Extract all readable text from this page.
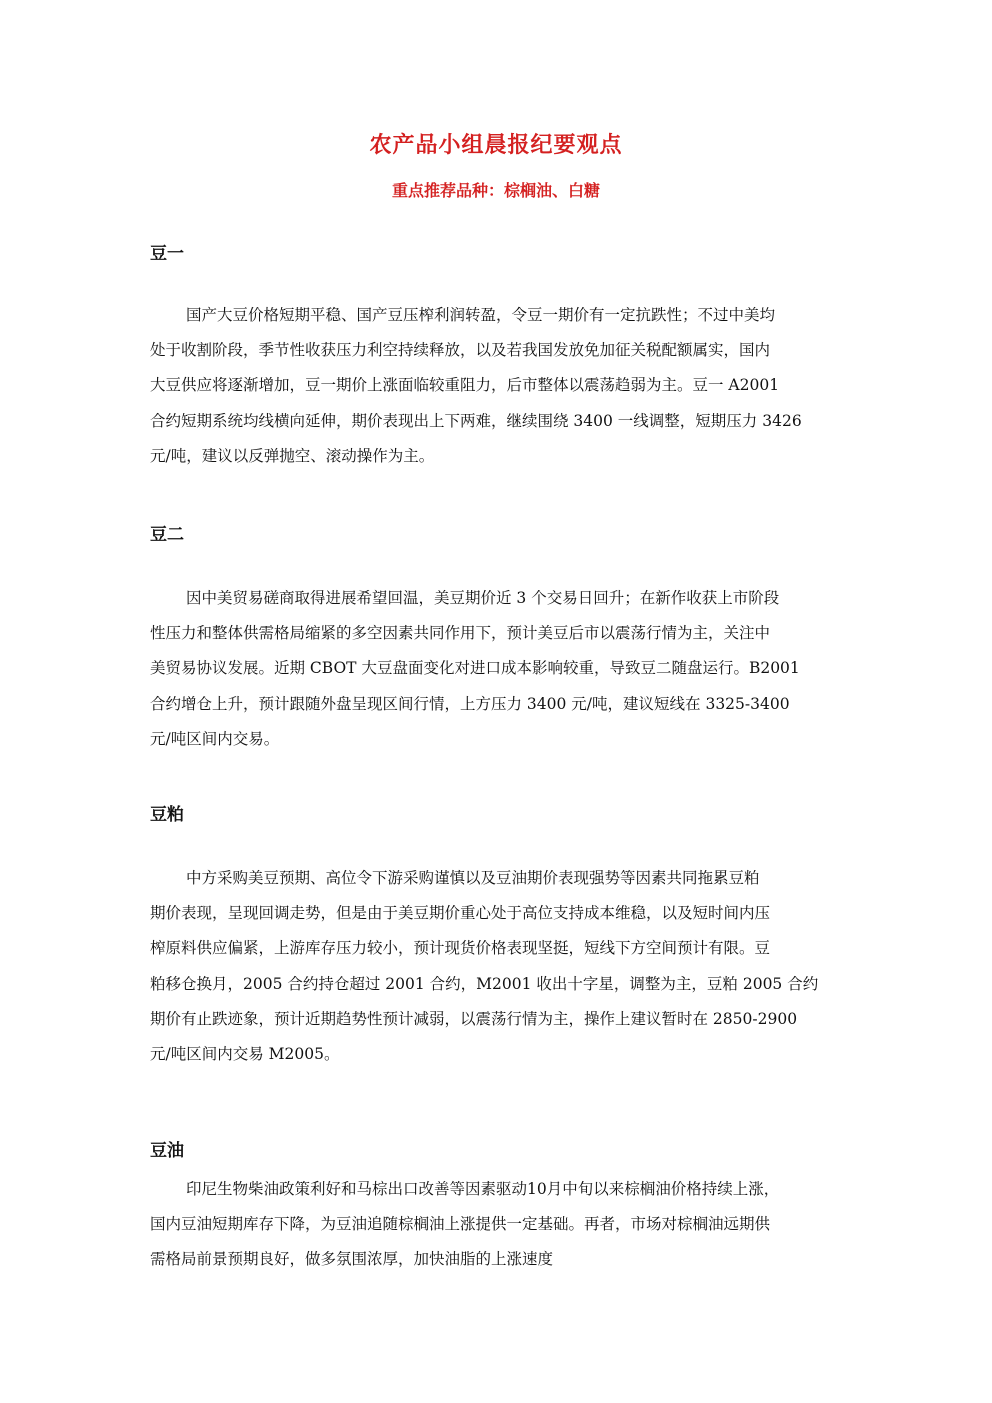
农产品小组晨报纪要观点
重点推荐品种：棕榈油、白糖
豆一
国产大豆价格短期平稳、国产豆压榨利润转盈，令豆一期价有一定抗跌性；不过中美均
处于收割阶段，季节性收获压力利空持续释放，以及若我国发放免加征关税配额属实，国内
大豆供应将逐渐增加，豆一期价上涨面临较重阻力，后市整体以震荡趋弱为主。豆一 A2001
合约短期系统均线横向延伸，期价表现出上下两难，继续围绕 3400 一线调整，短期压力 3426
元/吨，建议以反弹抛空、滚动操作为主。
豆二
因中美贸易磋商取得进展希望回温，美豆期价近 3 个交易日回升；在新作收获上市阶段
性压力和整体供需格局缩紧的多空因素共同作用下，预计美豆后市以震荡行情为主，关注中
美贸易协议发展。近期 CBOT 大豆盘面变化对进口成本影响较重，导致豆二随盘运行。B2001
合约增仓上升，预计跟随外盘呈现区间行情，上方压力 3400 元/吨，建议短线在 3325-3400
元/吨区间内交易。
豆粕
中方采购美豆预期、高位令下游采购谨慎以及豆油期价表现强势等因素共同拖累豆粕
期价表现，呈现回调走势，但是由于美豆期价重心处于高位支持成本维稳，以及短时间内压
榨原料供应偏紧，上游库存压力较小，预计现货价格表现坚挺，短线下方空间预计有限。豆
粕移仓换月，2005 合约持仓超过 2001 合约，M2001 收出十字星，调整为主，豆粕 2005 合约
期价有止跌迹象，预计近期趋势性预计减弱，以震荡行情为主，操作上建议暂时在 2850-2900
元/吨区间内交易 M2005。
豆油
印尼生物柴油政策利好和马棕出口改善等因素驱动10月中旬以来棕榈油价格持续上涨，
国内豆油短期库存下降，为豆油追随棕榈油上涨提供一定基础。再者，市场对棕榈油远期供
需格局前景预期良好，做多氛围浓厚，加快油脂的上涨速度
